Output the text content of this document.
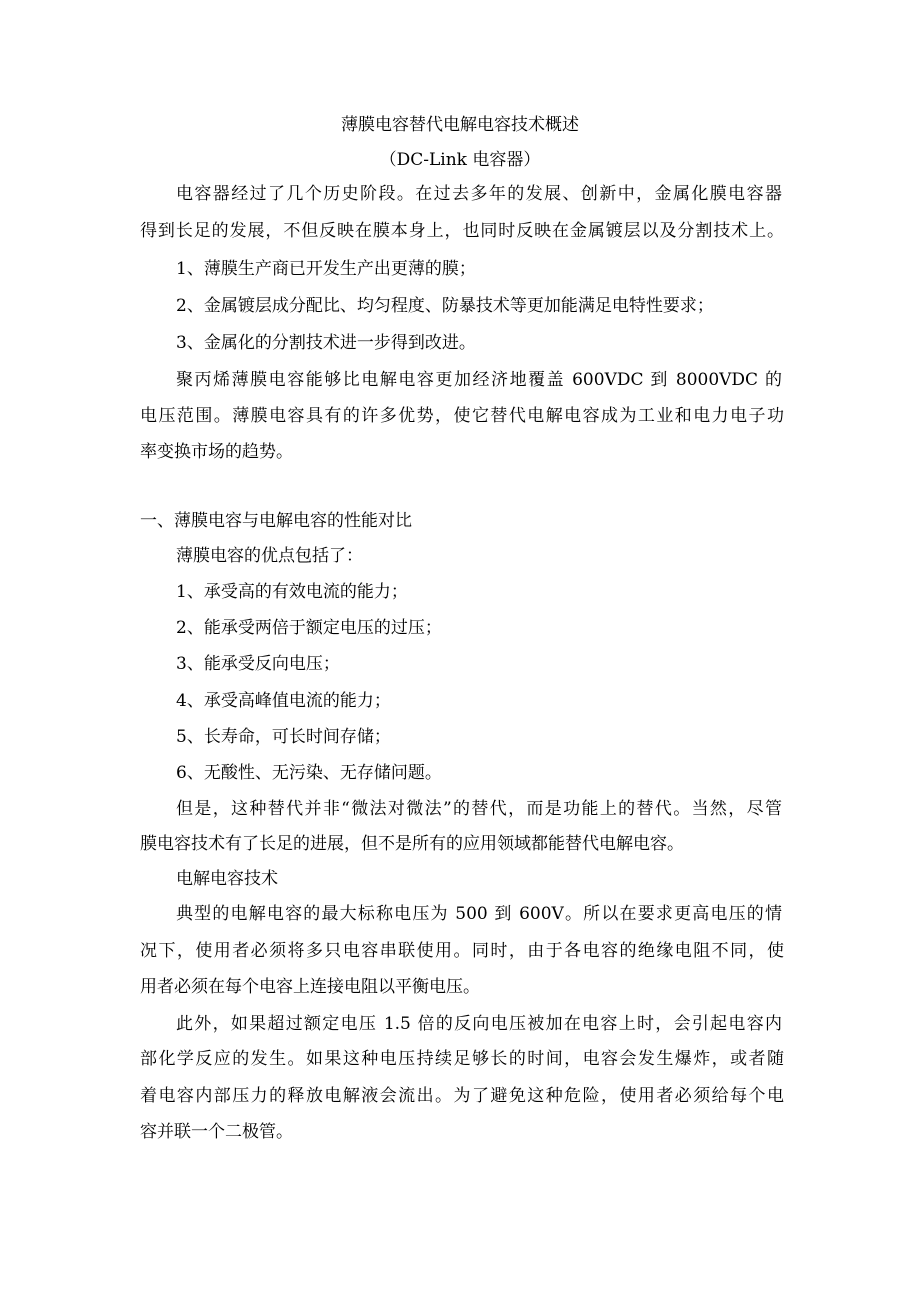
薄膜电容替代电解电容技术概述
（DC-Link 电容器）
电容器经过了几个历史阶段。在过去多年的发展、创新中，金属化膜电容器
得到长足的发展，不但反映在膜本身上，也同时反映在金属镀层以及分割技术上。
1、薄膜生产商已开发生产出更薄的膜；
2、金属镀层成分配比、均匀程度、防暴技术等更加能满足电特性要求；
3、金属化的分割技术进一步得到改进。
聚丙烯薄膜电容能够比电解电容更加经济地覆盖 600VDC 到 8000VDC 的
电压范围。薄膜电容具有的许多优势，使它替代电解电容成为工业和电力电子功
率变换市场的趋势。
一、薄膜电容与电解电容的性能对比
薄膜电容的优点包括了：
1、承受高的有效电流的能力；
2、能承受两倍于额定电压的过压；
3、能承受反向电压；
4、承受高峰值电流的能力；
5、长寿命，可长时间存储；
6、无酸性、无污染、无存储问题。
但是，这种替代并非“微法对微法”的替代，而是功能上的替代。当然，尽管
膜电容技术有了长足的进展，但不是所有的应用领域都能替代电解电容。
电解电容技术
典型的电解电容的最大标称电压为 500 到 600V。所以在要求更高电压的情
况下，使用者必须将多只电容串联使用。同时，由于各电容的绝缘电阻不同，使
用者必须在每个电容上连接电阻以平衡电压。
此外，如果超过额定电压 1.5 倍的反向电压被加在电容上时，会引起电容内
部化学反应的发生。如果这种电压持续足够长的时间，电容会发生爆炸，或者随
着电容内部压力的释放电解液会流出。为了避免这种危险，使用者必须给每个电
容并联一个二极管。
